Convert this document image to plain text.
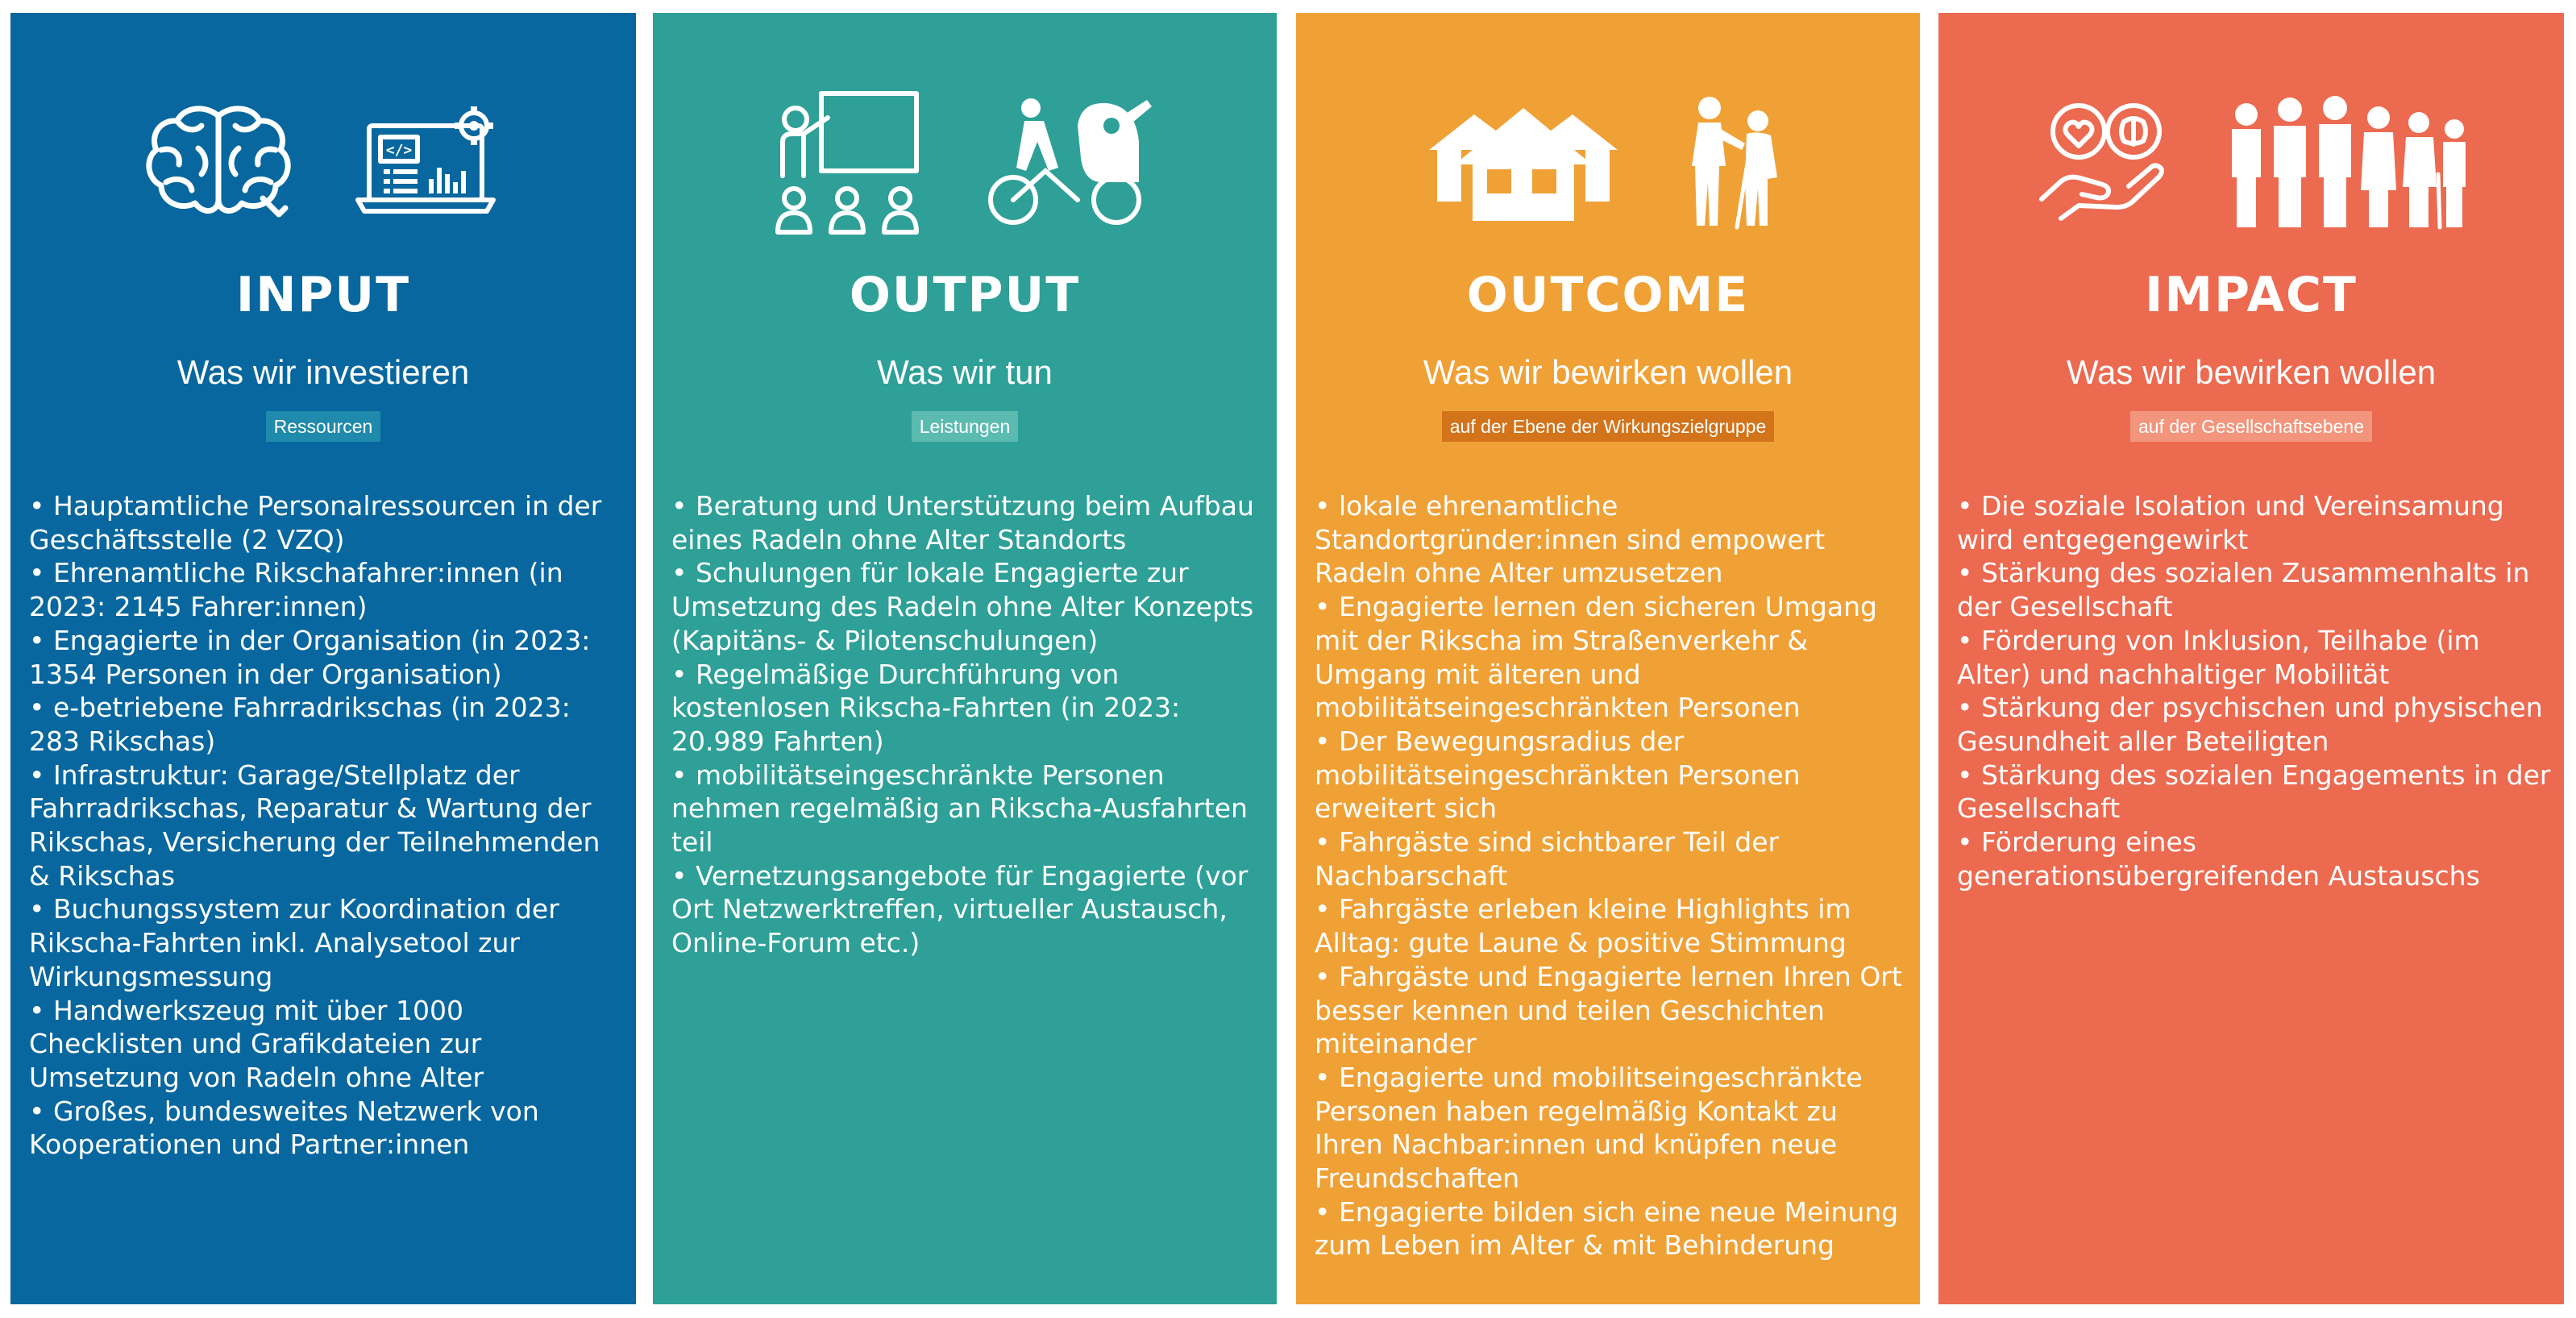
</>
INPUT
Was wir investieren
Ressourcen
• Hauptamtliche Personalressourcen in der Geschäftsstelle (2 VZQ)
• Ehrenamtliche Rikschafahrer:innen (in 2023: 2145 Fahrer:innen)
• Engagierte in der Organisation (in 2023: 1354 Personen in der Organisation)
• e-betriebene Fahrradrikschas (in 2023: 283 Rikschas)
• Infrastruktur: Garage/Stellplatz der Fahrradrikschas, Reparatur & Wartung der Rikschas, Versicherung der Teilnehmenden & Rikschas
• Buchungssystem zur Koordination der Rikscha-Fahrten inkl. Analysetool zur Wirkungsmessung
• Handwerkszeug mit über 1000 Checklisten und Grafikdateien zur Umsetzung von Radeln ohne Alter
• Großes, bundesweites Netzwerk von Kooperationen und Partner:innen
OUTPUT
Was wir tun
Leistungen
• Beratung und Unterstützung beim Aufbau eines Radeln ohne Alter Standorts
• Schulungen für lokale Engagierte zur Umsetzung des Radeln ohne Alter Konzepts (Kapitäns- & Pilotenschulungen)
• Regelmäßige Durchführung von kostenlosen Rikscha-Fahrten (in 2023: 20.989 Fahrten)
• mobilitätseingeschränkte Personen nehmen regelmäßig an Rikscha-Ausfahrten teil
• Vernetzungsangebote für Engagierte (vor Ort Netzwerktreffen, virtueller Austausch, Online-Forum etc.)
OUTCOME
Was wir bewirken wollen
auf der Ebene der Wirkungszielgruppe
• lokale ehrenamtliche Standortgründer:innen sind empowert Radeln ohne Alter umzusetzen
• Engagierte lernen den sicheren Umgang mit der Rikscha im Straßenverkehr & Umgang mit älteren und mobilitätseingeschränkten Personen
• Der Bewegungsradius der mobilitätseingeschränkten Personen erweitert sich
• Fahrgäste sind sichtbarer Teil der Nachbarschaft
• Fahrgäste erleben kleine Highlights im Alltag: gute Laune & positive Stimmung
• Fahrgäste und Engagierte lernen Ihren Ort besser kennen und teilen Geschichten miteinander
• Engagierte und mobilitseingeschränkte Personen haben regelmäßig Kontakt zu Ihren Nachbar:innen und knüpfen neue Freundschaften
• Engagierte bilden sich eine neue Meinung zum Leben im Alter & mit Behinderung
IMPACT
Was wir bewirken wollen
auf der Gesellschaftsebene
• Die soziale Isolation und Vereinsamung wird entgegengewirkt
• Stärkung des sozialen Zusammenhalts in der Gesellschaft
• Förderung von Inklusion, Teilhabe (im Alter) und nachhaltiger Mobilität
• Stärkung der psychischen und physischen Gesundheit aller Beteiligten
• Stärkung des sozialen Engagements in der Gesellschaft
• Förderung eines generationsübergreifenden Austauschs
